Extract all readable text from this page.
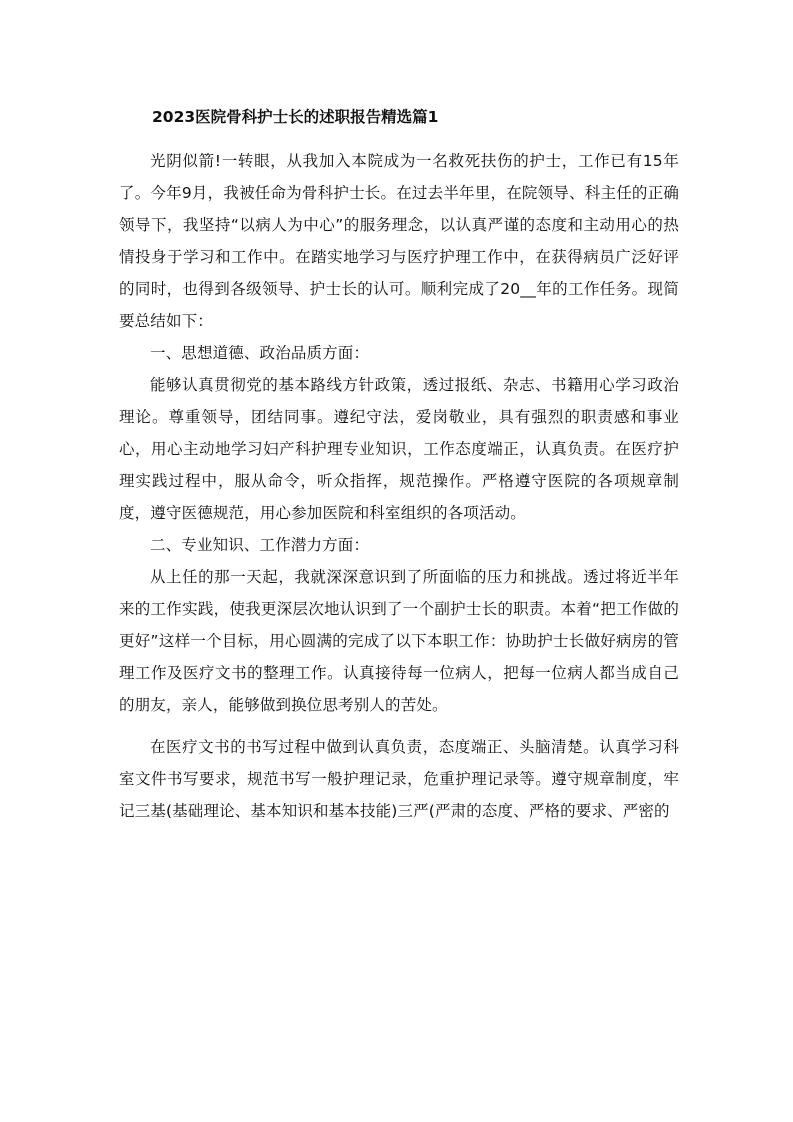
2023医院骨科护士长的述职报告精选篇1

光阴似箭!一转眼，从我加入本院成为一名救死扶伤的护士，工作已有15年了。今年9月，我被任命为骨科护士长。在过去半年里，在院领导、科主任的正确领导下，我坚持“以病人为中心”的服务理念，以认真严谨的态度和主动用心的热情投身于学习和工作中。在踏实地学习与医疗护理工作中，在获得病员广泛好评的同时，也得到各级领导、护士长的认可。顺利完成了20__年的工作任务。现简要总结如下：

一、思想道德、政治品质方面：

能够认真贯彻党的基本路线方针政策，透过报纸、杂志、书籍用心学习政治理论。尊重领导，团结同事。遵纪守法，爱岗敬业，具有强烈的职责感和事业心，用心主动地学习妇产科护理专业知识，工作态度端正，认真负责。在医疗护理实践过程中，服从命令，听众指挥，规范操作。严格遵守医院的各项规章制度，遵守医德规范，用心参加医院和科室组织的各项活动。

二、专业知识、工作潜力方面：

从上任的那一天起，我就深深意识到了所面临的压力和挑战。透过将近半年来的工作实践，使我更深层次地认识到了一个副护士长的职责。本着“把工作做的更好”这样一个目标，用心圆满的完成了以下本职工作：协助护士长做好病房的管理工作及医疗文书的整理工作。认真接待每一位病人，把每一位病人都当成自己的朋友，亲人，能够做到换位思考别人的苦处。

在医疗文书的书写过程中做到认真负责，态度端正、头脑清楚。认真学习科室文件书写要求，规范书写一般护理记录，危重护理记录等。遵守规章制度，牢记三基(基础理论、基本知识和基本技能)三严(严肃的态度、严格的要求、严密的
